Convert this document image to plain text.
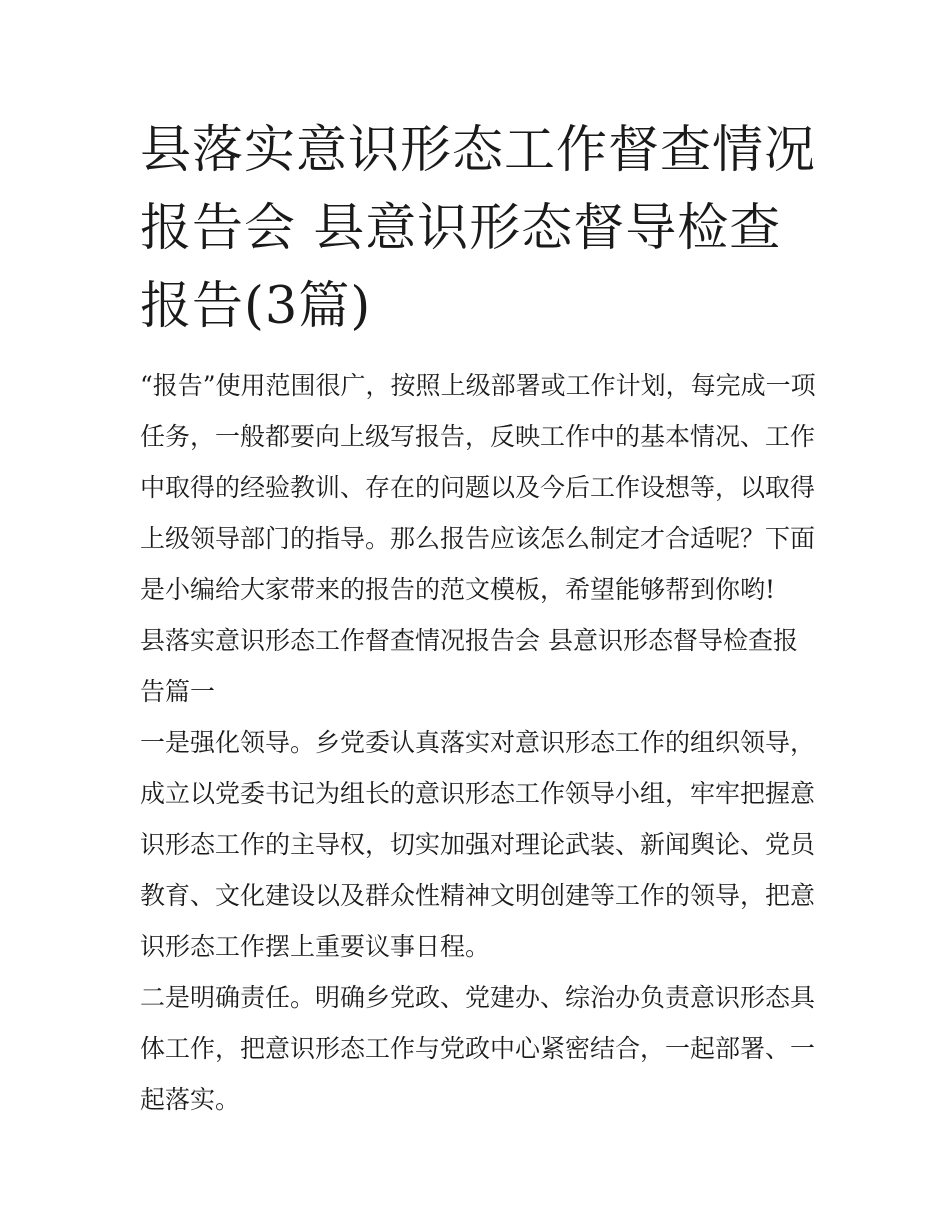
县落实意识形态工作督查情况报告会 县意识形态督导检查报告(3篇)

“报告”使用范围很广，按照上级部署或工作计划，每完成一项任务，一般都要向上级写报告，反映工作中的基本情况、工作中取得的经验教训、存在的问题以及今后工作设想等，以取得上级领导部门的指导。那么报告应该怎么制定才合适呢？下面是小编给大家带来的报告的范文模板，希望能够帮到你哟!

县落实意识形态工作督查情况报告会 县意识形态督导检查报告篇一

一是强化领导。乡党委认真落实对意识形态工作的组织领导，成立以党委书记为组长的意识形态工作领导小组，牢牢把握意识形态工作的主导权，切实加强对理论武装、新闻舆论、党员教育、文化建设以及群众性精神文明创建等工作的领导，把意识形态工作摆上重要议事日程。

二是明确责任。明确乡党政、党建办、综治办负责意识形态具体工作，把意识形态工作与党政中心紧密结合，一起部署、一起落实。
